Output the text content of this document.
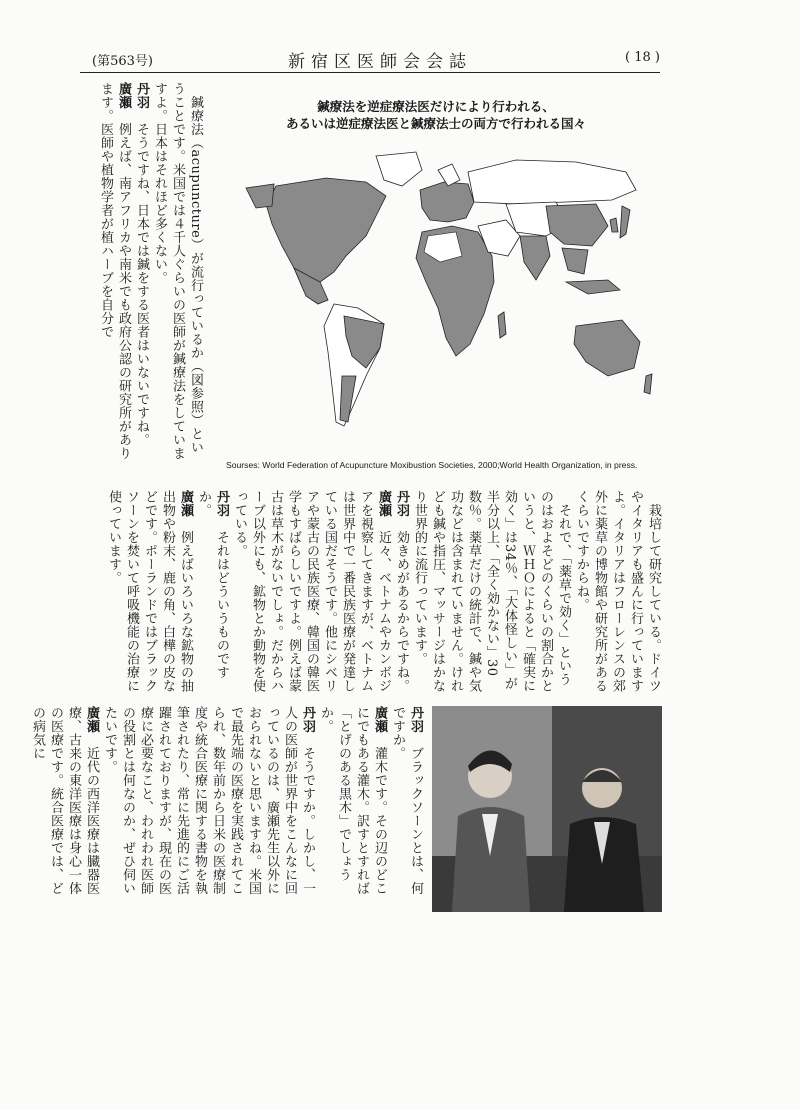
(第563号)	新宿区医師会会誌	( 18 )

　鍼療法（acupuncture）が流行っているか（図参照）ということです。米国では４千人ぐらいの医師が鍼療法をしていますよ。日本はそれほど多くない。

丹羽　そうですね、日本では鍼をする医者はいないですね。

廣瀬　例えば、南アフリカや南米でも政府公認の研究所があります。医師や植物学者が植ハーブを自分で	鍼療法を逆症療法医だけにより行われる、
あるいは逆症療法医と鍼療法士の両方で行われる国々
Sourses: World Federation of Acupuncture Moxibustion Societies, 2000;World Health Organization, in press.

　栽培して研究している。ドイツやイタリアも盛んに行っていますよ。イタリアはフローレンスの郊外に薬草の博物館や研究所があるくらいですからね。

　それで、「薬草で効く」というのはおよそどのくらいの割合かというと、ＷＨＯによると「確実に効く」は34％、「大体怪しい」が半分以上、「全く効かない」30数％。薬草だけの統計で、鍼や気功などは含まれていません。けれども鍼や指圧、マッサージはかなり世界的に流行っています。

丹羽　効きめがあるからですね。

廣瀬　近々、ベトナムやカンボジアを視察してきますが、ベトナムは世界中で一番民族医療が発達している国だそうです。他にシベリアや蒙古の民族医療、韓国の韓医学もすばらしいですよ。例えば蒙古は草木がないでしょ。だからハーブ以外にも、鉱物とか動物を使っている。

丹羽　それはどういうものですか。

廣瀬　例えばいろいろな鉱物の抽出物や粉末、鹿の角、白樺の皮などです。ポーランドではブラックソーンを焚いて呼吸機能の治療に使っています。

丹羽　ブラックソーンとは、何ですか。

廣瀬　灌木です。その辺のどこにでもある灌木。訳すとすれば「とげのある黒木」でしょうか。

丹羽　そうですか。しかし、一人の医師が世界中をこんなに回っているのは、廣瀬先生以外におられないと思いますね。米国で最先端の医療を実践されてこられ、数年前から日米の医療制度や統合医療に関する書物を執筆されたり、常に先進的にご活躍されておりますが、現在の医療に必要なこと、われわれ医師の役割とは何なのか、ぜひ伺いたいです。

廣瀬　近代の西洋医療は臓器医療、古来の東洋医療は身心一体の医療です。統合医療では、どの病気に
